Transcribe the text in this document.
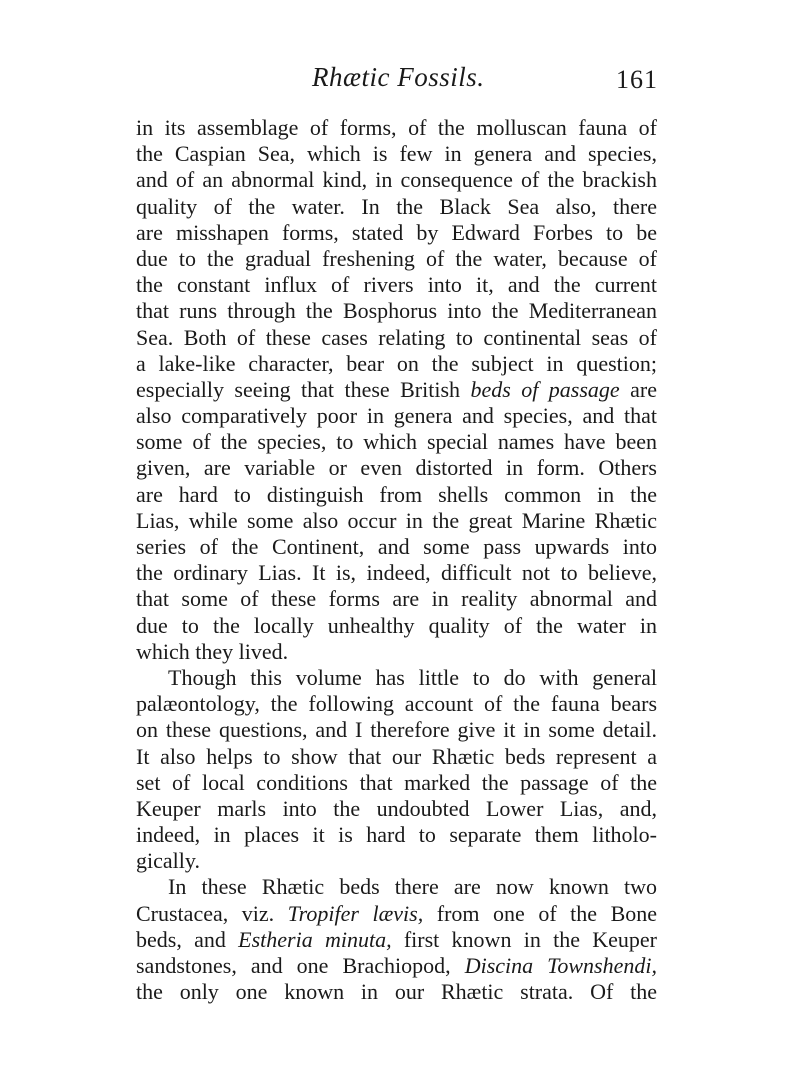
Rhætic Fossils.	161
in its assemblage of forms, of the molluscan fauna of
the Caspian Sea, which is few in genera and species,
and of an abnormal kind, in consequence of the brackish
quality of the water. In the Black Sea also, there
are misshapen forms, stated by Edward Forbes to be
due to the gradual freshening of the water, because of
the constant influx of rivers into it, and the current
that runs through the Bosphorus into the Mediterranean
Sea. Both of these cases relating to continental seas of
a lake-like character, bear on the subject in question;
especially seeing that these British beds of passage are
also comparatively poor in genera and species, and that
some of the species, to which special names have been
given, are variable or even distorted in form. Others
are hard to distinguish from shells common in the
Lias, while some also occur in the great Marine Rhætic
series of the Continent, and some pass upwards into
the ordinary Lias. It is, indeed, difficult not to believe,
that some of these forms are in reality abnormal and
due to the locally unhealthy quality of the water in
which they lived.
Though this volume has little to do with general
palæontology, the following account of the fauna bears
on these questions, and I therefore give it in some detail.
It also helps to show that our Rhætic beds represent a
set of local conditions that marked the passage of the
Keuper marls into the undoubted Lower Lias, and,
indeed, in places it is hard to separate them litholo-
gically.
In these Rhætic beds there are now known two
Crustacea, viz. Tropifer lævis, from one of the Bone
beds, and Estheria minuta, first known in the Keuper
sandstones, and one Brachiopod, Discina Townshendi,
the only one known in our Rhætic strata. Of the
